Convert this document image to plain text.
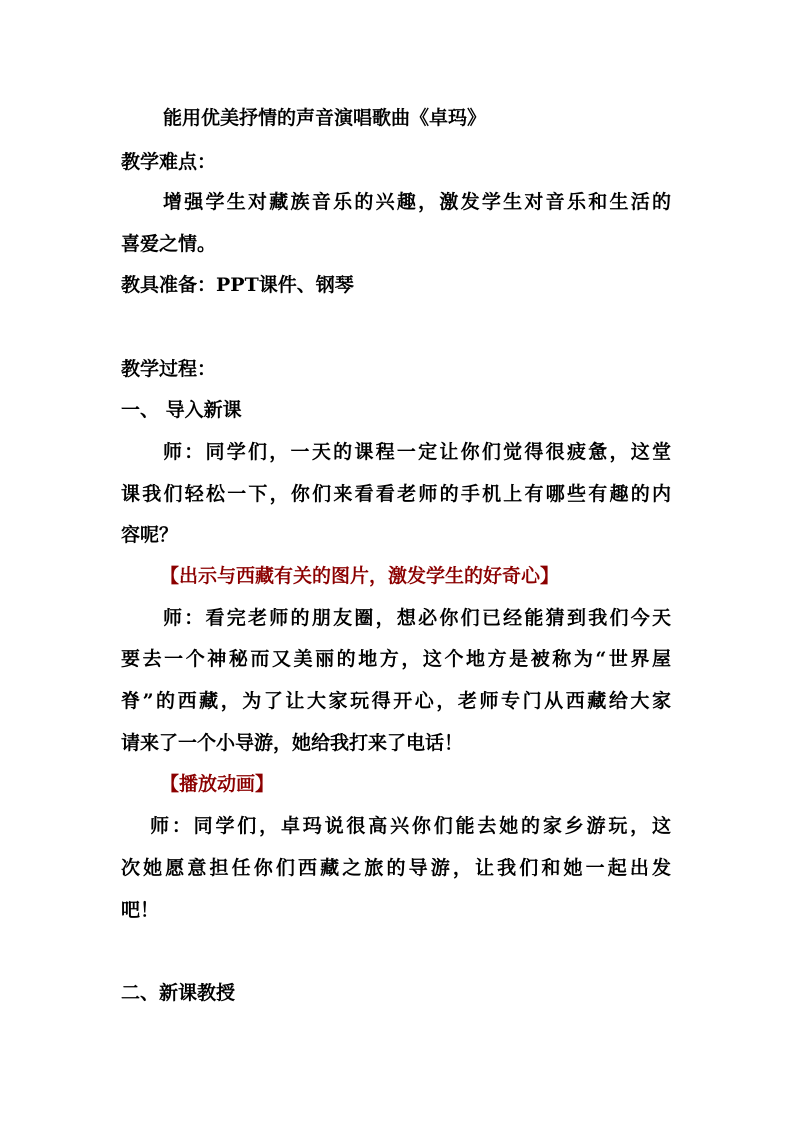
能用优美抒情的声音演唱歌曲《卓玛》
教学难点：
增强学生对藏族音乐的兴趣，激发学生对音乐和生活的
喜爱之情。
教具准备：PPT课件、钢琴
教学过程：
一、 导入新课
师：同学们，一天的课程一定让你们觉得很疲惫，这堂
课我们轻松一下，你们来看看老师的手机上有哪些有趣的内
容呢？
【出示与西藏有关的图片，激发学生的好奇心】
师：看完老师的朋友圈，想必你们已经能猜到我们今天
要去一个神秘而又美丽的地方，这个地方是被称为“世界屋
脊”的西藏，为了让大家玩得开心，老师专门从西藏给大家
请来了一个小导游，她给我打来了电话！
【播放动画】
师：同学们，卓玛说很高兴你们能去她的家乡游玩，这
次她愿意担任你们西藏之旅的导游，让我们和她一起出发
吧！
二、新课教授
